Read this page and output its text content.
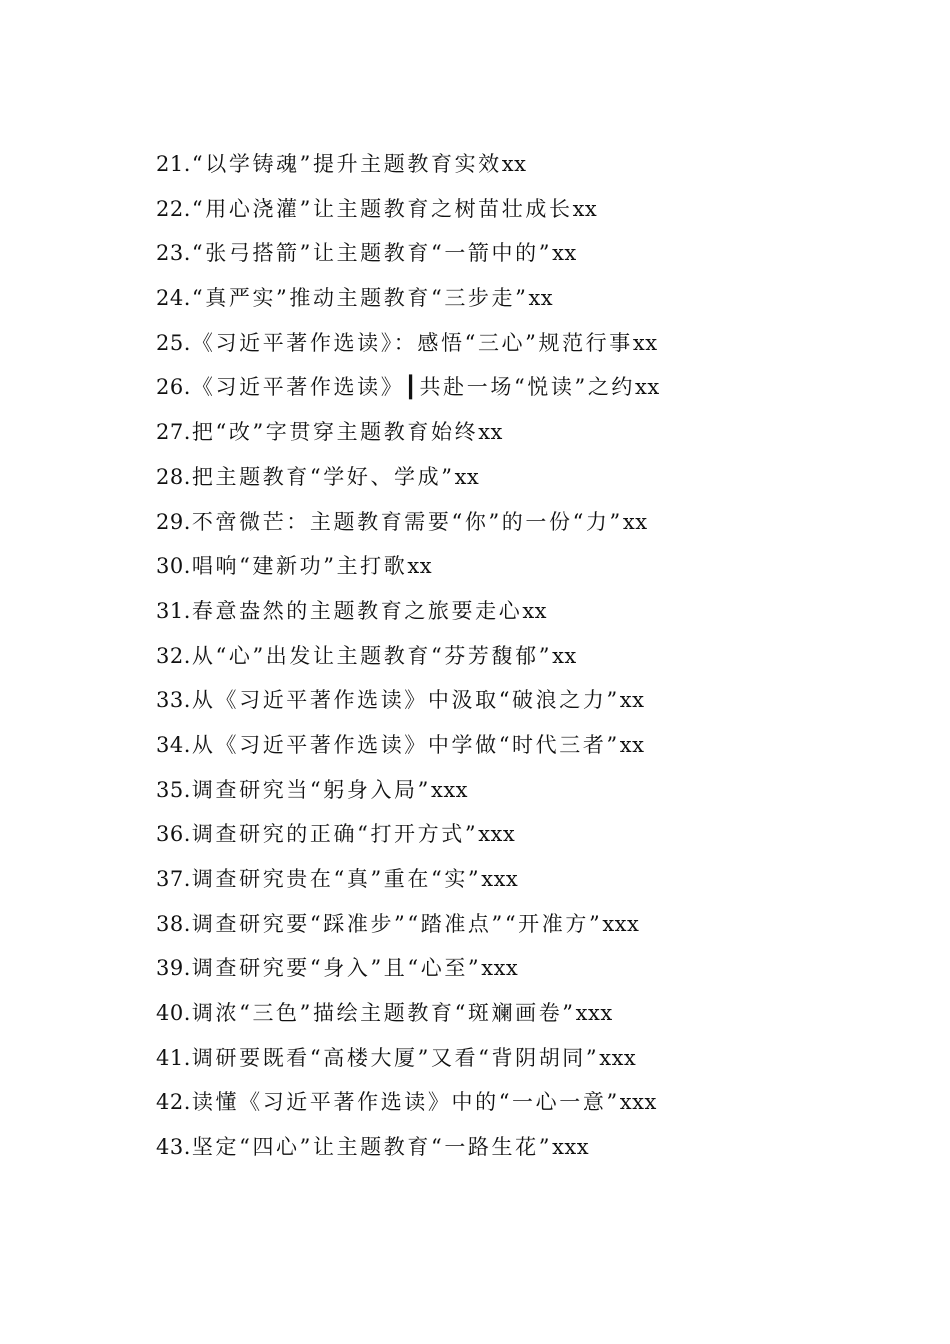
21.“以学铸魂”提升主题教育实效xx
22.“用心浇灌”让主题教育之树苗壮成长xx
23.“张弓搭箭”让主题教育“一箭中的”xx
24.“真严实”推动主题教育“三步走”xx
25.《习近平著作选读》：感悟“三心”规范行事xx
26.《习近平著作选读》┃共赴一场“悦读”之约xx
27.把“改”字贯穿主题教育始终xx
28.把主题教育“学好、学成”xx
29.不啻微芒：主题教育需要“你”的一份“力”xx
30.唱响“建新功”主打歌xx
31.春意盎然的主题教育之旅要走心xx
32.从“心”出发让主题教育“芬芳馥郁”xx
33.从《习近平著作选读》中汲取“破浪之力”xx
34.从《习近平著作选读》中学做“时代三者”xx
35.调查研究当“躬身入局”xxx
36.调查研究的正确“打开方式”xxx
37.调查研究贵在“真”重在“实”xxx
38.调查研究要“踩准步”“踏准点”“开准方”xxx
39.调查研究要“身入”且“心至”xxx
40.调浓“三色”描绘主题教育“斑斓画卷”xxx
41.调研要既看“高楼大厦”又看“背阴胡同”xxx
42.读懂《习近平著作选读》中的“一心一意”xxx
43.坚定“四心”让主题教育“一路生花”xxx
